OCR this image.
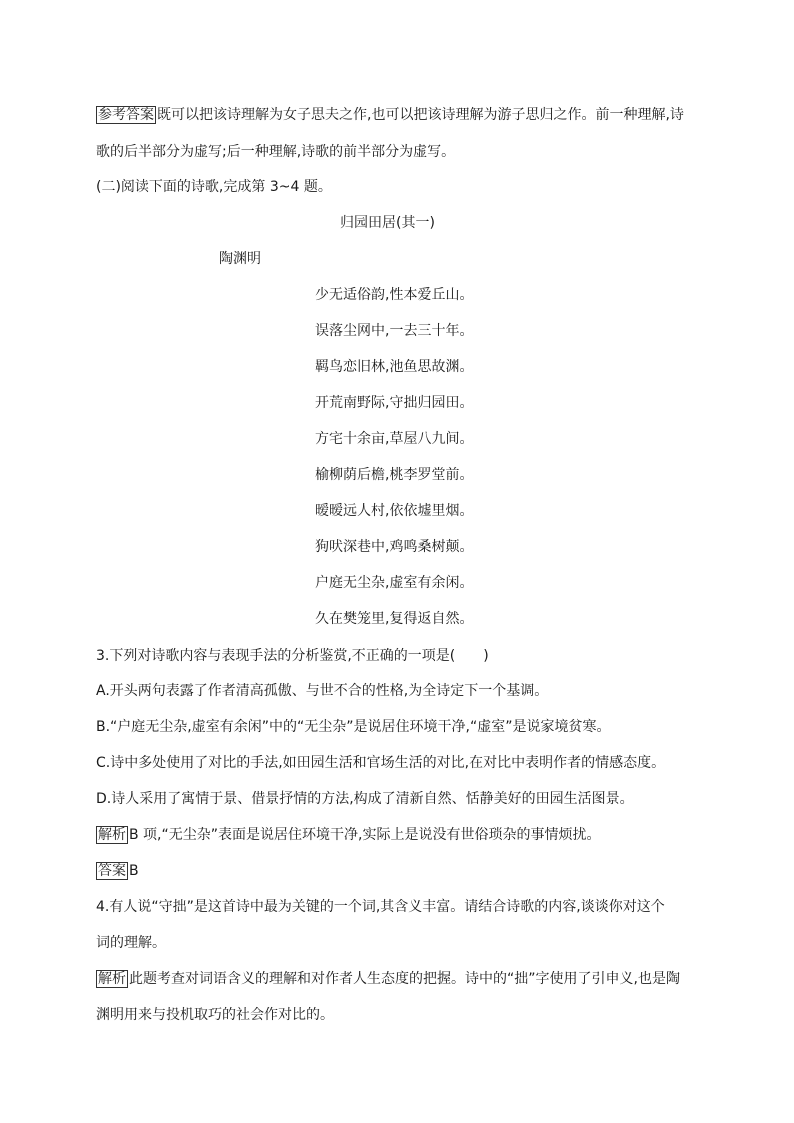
参考答案 既可以把该诗理解为女子思夫之作,也可以把该诗理解为游子思归之作。前一种理解,诗
歌的后半部分为虚写;后一种理解,诗歌的前半部分为虚写。
(二)阅读下面的诗歌,完成第 3~4 题。
归园田居(其一)
陶渊明
少无适俗韵,性本爱丘山。
误落尘网中,一去三十年。
羁鸟恋旧林,池鱼思故渊。
开荒南野际,守拙归园田。
方宅十余亩,草屋八九间。
榆柳荫后檐,桃李罗堂前。
暧暧远人村,依依墟里烟。
狗吠深巷中,鸡鸣桑树颠。
户庭无尘杂,虚室有余闲。
久在樊笼里,复得返自然。
3.下列对诗歌内容与表现手法的分析鉴赏,不正确的一项是(　　)
A.开头两句表露了作者清高孤傲、与世不合的性格,为全诗定下一个基调。
B.“户庭无尘杂,虚室有余闲”中的“无尘杂”是说居住环境干净,“虚室”是说家境贫寒。
C.诗中多处使用了对比的手法,如田园生活和官场生活的对比,在对比中表明作者的情感态度。
D.诗人采用了寓情于景、借景抒情的方法,构成了清新自然、恬静美好的田园生活图景。
解析 B 项,“无尘杂”表面是说居住环境干净,实际上是说没有世俗琐杂的事情烦扰。
答案 B
4.有人说“守拙”是这首诗中最为关键的一个词,其含义丰富。请结合诗歌的内容,谈谈你对这个
词的理解。
解析 此题考查对词语含义的理解和对作者人生态度的把握。诗中的“拙”字使用了引申义,也是陶
渊明用来与投机取巧的社会作对比的。
